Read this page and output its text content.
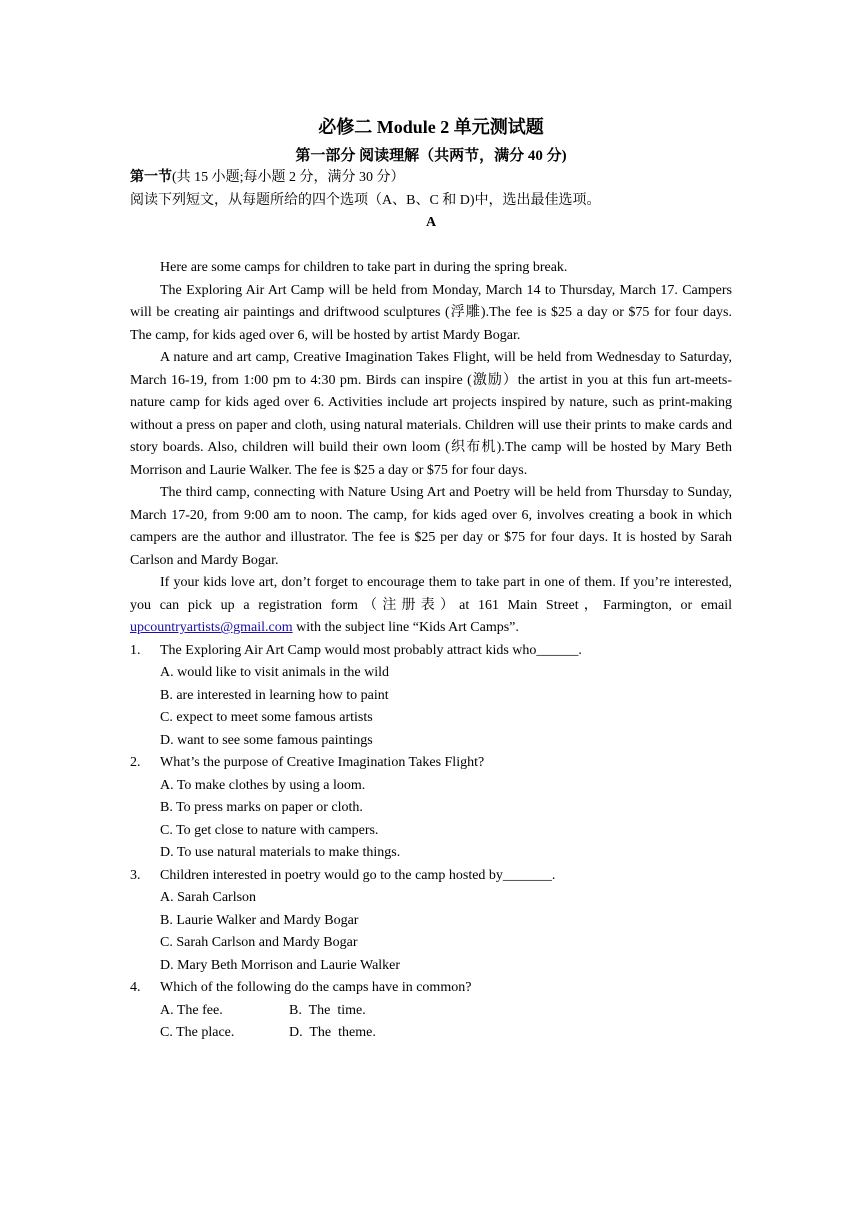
必修二 Module 2 单元测试题
第一部分 阅读理解（共两节，满分 40 分)

第一节(共 15 小题;每小题 2 分，满分 30 分）

阅读下列短文，从每题所给的四个选项（A、B、C 和 D)中，选出最佳选项。

A

Here are some camps for children to take part in during the spring break.

The Exploring Air Art Camp will be held from Monday, March 14 to Thursday, March 17. Campers will be creating air paintings and driftwood sculptures (浮雕).The fee is $25 a day or $75 for four days. The camp, for kids aged over 6, will be hosted by artist Mardy Bogar.

A nature and art camp, Creative Imagination Takes Flight, will be held from Wednesday to Saturday, March 16-19, from 1:00 pm to 4:30 pm. Birds can inspire (激励）the artist in you at this fun art-meets-nature camp for kids aged over 6. Activities include art projects inspired by nature, such as print-making without a press on paper and cloth, using natural materials. Children will use their prints to make cards and story boards. Also, children will build their own loom (织布机).The camp will be hosted by Mary Beth Morrison and Laurie Walker. The fee is $25 a day or $75 for four days.

The third camp, connecting with Nature Using Art and Poetry will be held from Thursday to Sunday, March 17-20, from 9:00 am to noon. The camp, for kids aged over 6, involves creating a book in which campers are the author and illustrator. The fee is $25 per day or $75 for four days. It is hosted by Sarah Carlson and Mardy Bogar.

If your kids love art, don’t forget to encourage them to take part in one of them. If you’re interested, you can pick up a registration form（注册表）at 161 Main Street，Farmington, or email upcountryartists@gmail.com with the subject line “Kids Art Camps”.

1. The Exploring Air Art Camp would most probably attract kids who______.

A. would like to visit animals in the wild

B. are interested in learning how to paint

C. expect to meet some famous artists

D. want to see some famous paintings

2. What’s the purpose of Creative Imagination Takes Flight?

A. To make clothes by using a loom.

B. To press marks on paper or cloth.

C. To get close to nature with campers.

D. To use natural materials to make things.

3. Children interested in poetry would go to the camp hosted by_______.

A. Sarah Carlson

B. Laurie Walker and Mardy Bogar

C. Sarah Carlson and Mardy Bogar

D. Mary Beth Morrison and Laurie Walker

4. Which of the following do the camps have in common?

A. The fee.	B.  The  time.

C. The place.	D.  The  theme.
